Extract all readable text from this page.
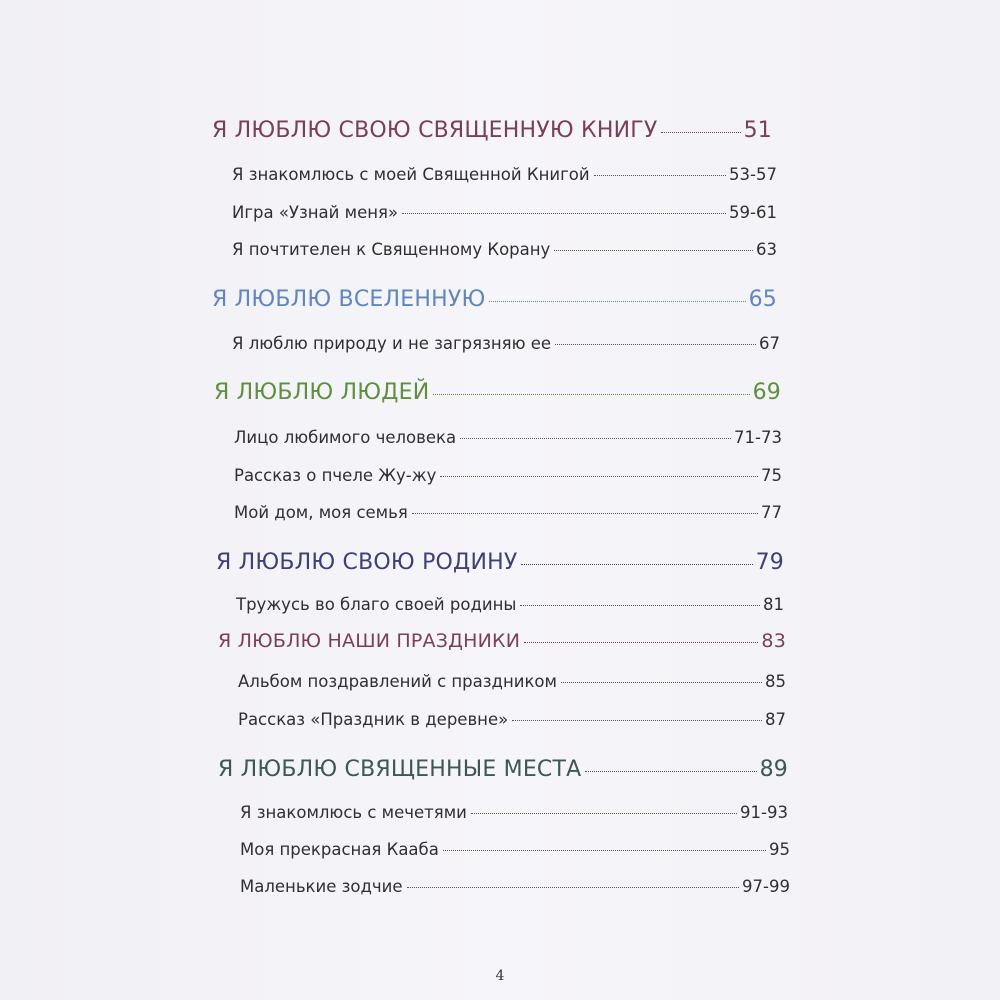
Я ЛЮБЛЮ СВОЮ СВЯЩЕННУЮ КНИГУ	51
Я знакомлюсь с моей Священной Книгой	53-57
Игра «Узнай меня»	59-61
Я почтителен к Священному Корану	63
Я ЛЮБЛЮ ВСЕЛЕННУЮ	65
Я люблю природу и не загрязняю ее	67
Я ЛЮБЛЮ ЛЮДЕЙ	69
Лицо любимого человека	71-73
Рассказ о пчеле Жу-жу	75
Мой дом, моя семья	77
Я ЛЮБЛЮ СВОЮ РОДИНУ	79
Тружусь во благо своей родины	81
Я ЛЮБЛЮ НАШИ ПРАЗДНИКИ	83
Альбом поздравлений с праздником	85
Рассказ «Праздник в деревне»	87
Я ЛЮБЛЮ СВЯЩЕННЫЕ МЕСТА	89
Я знакомлюсь с мечетями	91-93
Моя прекрасная Кааба	95
Маленькие зодчие	97-99
4
